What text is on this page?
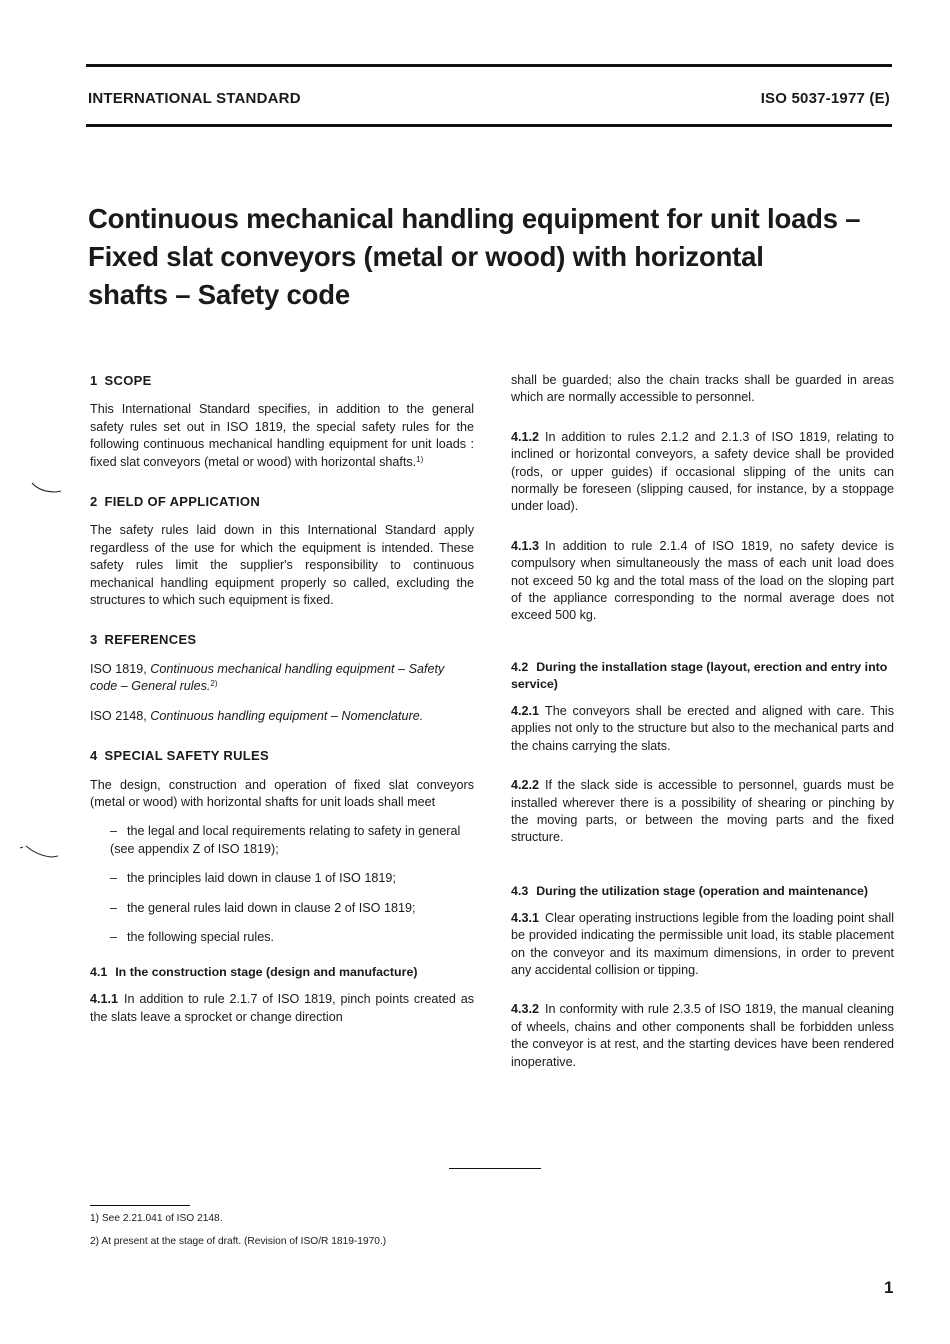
INTERNATIONAL STANDARD	ISO 5037-1977 (E)
Continuous mechanical handling equipment for unit loads –
Fixed slat conveyors (metal or wood) with horizontal
shafts – Safety code
1 SCOPE

This International Standard specifies, in addition to the general safety rules set out in ISO 1819, the special safety rules for the following continuous mechanical handling equipment for unit loads : fixed slat conveyors (metal or wood) with horizontal shafts.$^{1)}$

2 FIELD OF APPLICATION

The safety rules laid down in this International Standard apply regardless of the use for which the equipment is intended. These safety rules limit the supplier's responsibility to continuous mechanical handling equipment properly so called, excluding the structures to which such equipment is fixed.

3 REFERENCES

ISO 1819, Continuous mechanical handling equipment – Safety code – General rules.$^{2)}$

ISO 2148, Continuous handling equipment – Nomenclature.

4 SPECIAL SAFETY RULES

The design, construction and operation of fixed slat conveyors (metal or wood) with horizontal shafts for unit loads shall meet

– the legal and local requirements relating to safety in general (see appendix Z of ISO 1819);
– the principles laid down in clause 1 of ISO 1819;
– the general rules laid down in clause 2 of ISO 1819;
– the following special rules.
4.1 In the construction stage (design and manufacture)

4.1.1 In addition to rule 2.1.7 of ISO 1819, pinch points created as the slats leave a sprocket or change direction

shall be guarded; also the chain tracks shall be guarded in areas which are normally accessible to personnel.

4.1.2 In addition to rules 2.1.2 and 2.1.3 of ISO 1819, relating to inclined or horizontal conveyors, a safety device shall be provided (rods, or upper guides) if occasional slipping of the units can normally be foreseen (slipping caused, for instance, by a stoppage under load).

4.1.3 In addition to rule 2.1.4 of ISO 1819, no safety device is compulsory when simultaneously the mass of each unit load does not exceed 50 kg and the total mass of the load on the sloping part of the appliance corresponding to the normal average does not exceed 500 kg.

4.2 During the installation stage (layout, erection and entry into service)

4.2.1 The conveyors shall be erected and aligned with care. This applies not only to the structure but also to the mechanical parts and the chains carrying the slats.

4.2.2 If the slack side is accessible to personnel, guards must be installed wherever there is a possibility of shearing or pinching by the moving parts, or between the moving parts and the fixed structure.

4.3 During the utilization stage (operation and maintenance)

4.3.1 Clear operating instructions legible from the loading point shall be provided indicating the permissible unit load, its stable placement on the conveyor and its maximum dimensions, in order to prevent any accidental collision or tipping.

4.3.2 In conformity with rule 2.3.5 of ISO 1819, the manual cleaning of wheels, chains and other components shall be forbidden unless the conveyor is at rest, and the starting devices have been rendered inoperative.

1) See 2.21.041 of ISO 2148.
2) At present at the stage of draft. (Revision of ISO/R 1819-1970.)
1
